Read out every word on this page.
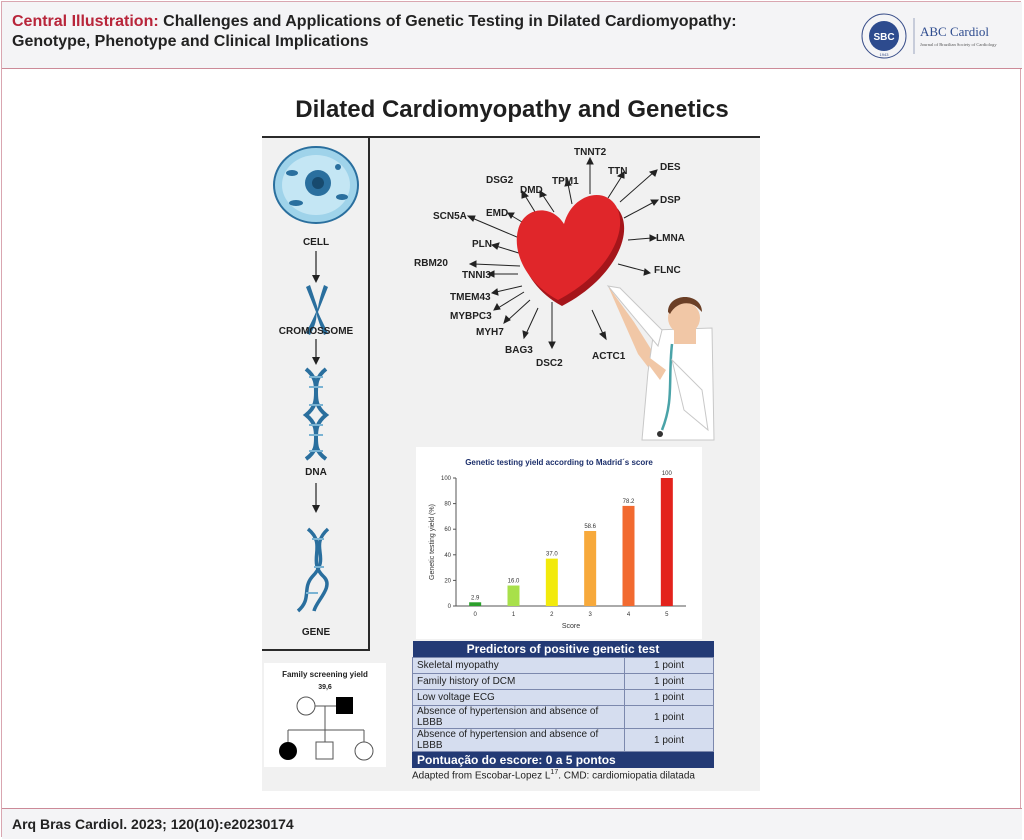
Central Illustration: Challenges and Applications of Genetic Testing in Dilated Cardiomyopathy: Genotype, Phenotype and Clinical Implications	SBC
1943
ABC Cardiol
Journal of Brazilian Society of Cardiology
Dilated Cardiomyopathy and Genetics
CELL
CROMOSSOME
DNA
GENE
TNNT2
TTN	DES
DSP
LMNA
FLNC
ACTC1
DSC2
BAG3
MYH7
MYBPC3
TMEM43
TNNI3
RBM20
PLN
SCN5A EMD
DSG2
DMD
TPM1
Genetic testing yield according to Madrid´s score
0
20
40
60
80
100
2.9
0
16.0
1
37.0
2
58.6
3
78.2
4
100
5
Score
Genetic testing yield (%)
Predictors of positive genetic test	
Skeletal myopathy	1 point
Family history of DCM	1 point
Low voltage ECG	1 point
Absence of hypertension and absence of LBBB	1 point
Absence of hypertension and absence of LBBB	1 point
Pontuação do escore: 0 a 5 pontos	
Family screening yield
39,6
Adapted from Escobar-Lopez $L^{17}$. CMD: cardiomiopatia dilatada
Arq Bras Cardiol. 2023; 120(10):e20230174
